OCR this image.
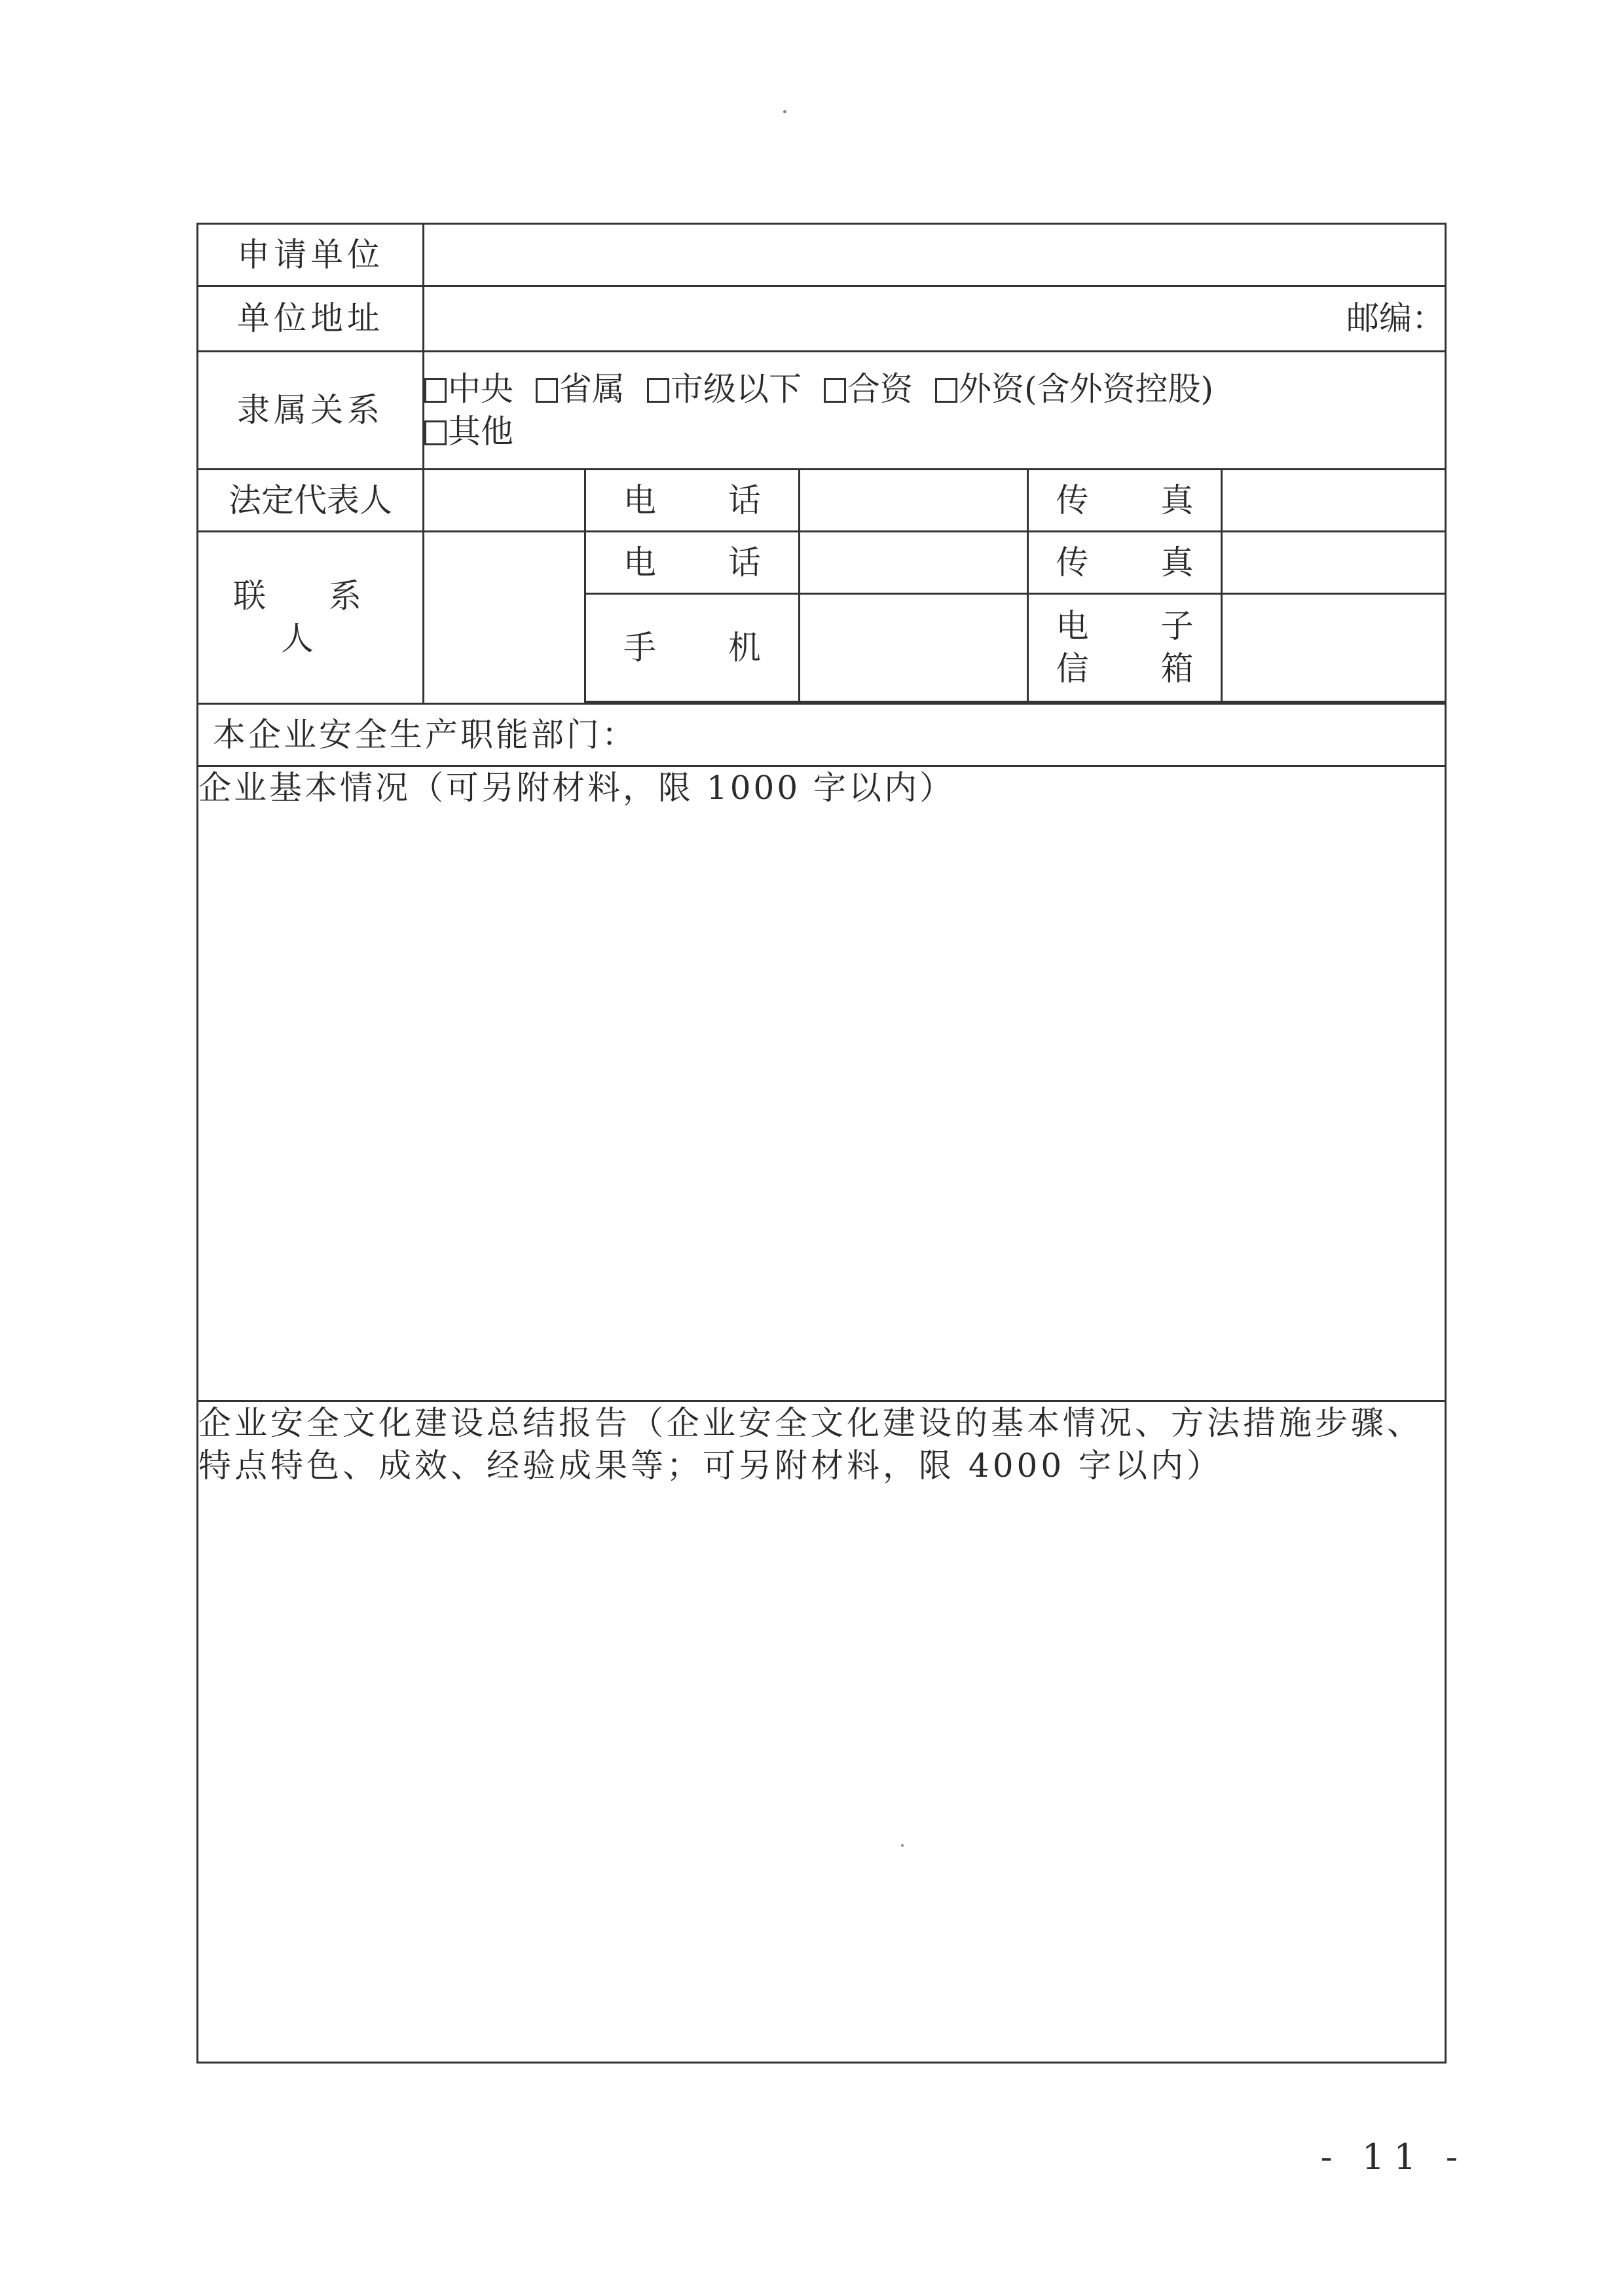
申请单位					
单位地址	邮编：				
隶属关系	中央 省属 市级以下 合资 外资(含外资控股)
其他				
法定代表人		电 话		传 真	
联 系 人		电 话		传 真	
		手 机		电 子
信 箱	

本企业安全生产职能部门：					
企业基本情况（可另附材料，限 1000 字以内）					
企业安全文化建设总结报告（企业安全文化建设的基本情况、方法措施步骤、特点特色、成效、经验成果等；可另附材料，限 4000 字以内）					
- 11 -
